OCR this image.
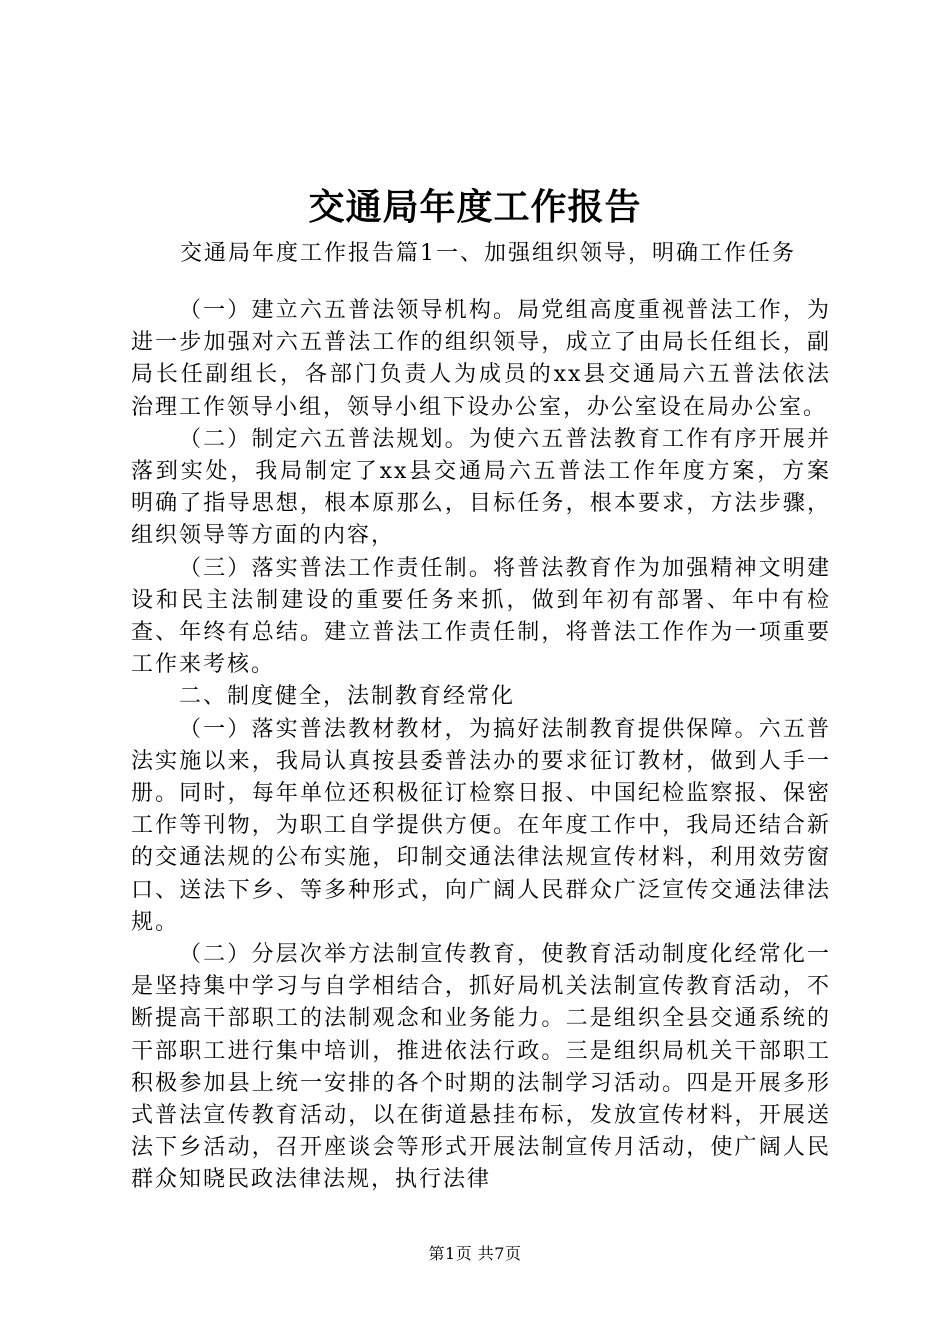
交通局年度工作报告
交通局年度工作报告篇1一、加强组织领导，明确工作任务

（一）建立六五普法领导机构。局党组高度重视普法工作，为进一步加强对六五普法工作的组织领导，成立了由局长任组长，副局长任副组长，各部门负责人为成员的xx县交通局六五普法依法治理工作领导小组，领导小组下设办公室，办公室设在局办公室。

（二）制定六五普法规划。为使六五普法教育工作有序开展并落到实处，我局制定了xx县交通局六五普法工作年度方案，方案明确了指导思想，根本原那么，目标任务，根本要求，方法步骤，组织领导等方面的内容，

（三）落实普法工作责任制。将普法教育作为加强精神文明建设和民主法制建设的重要任务来抓，做到年初有部署、年中有检查、年终有总结。建立普法工作责任制，将普法工作作为一项重要工作来考核。

二、制度健全，法制教育经常化

（一）落实普法教材教材，为搞好法制教育提供保障。六五普法实施以来，我局认真按县委普法办的要求征订教材，做到人手一册。同时，每年单位还积极征订检察日报、中国纪检监察报、保密工作等刊物，为职工自学提供方便。在年度工作中，我局还结合新的交通法规的公布实施，印制交通法律法规宣传材料，利用效劳窗口、送法下乡、等多种形式，向广阔人民群众广泛宣传交通法律法规。

（二）分层次举方法制宣传教育，使教育活动制度化经常化一是坚持集中学习与自学相结合，抓好局机关法制宣传教育活动，不断提高干部职工的法制观念和业务能力。二是组织全县交通系统的干部职工进行集中培训，推进依法行政。三是组织局机关干部职工积极参加县上统一安排的各个时期的法制学习活动。四是开展多形式普法宣传教育活动，以在街道悬挂布标，发放宣传材料，开展送法下乡活动，召开座谈会等形式开展法制宣传月活动，使广阔人民群众知晓民政法律法规，执行法律

第1页 共7页
